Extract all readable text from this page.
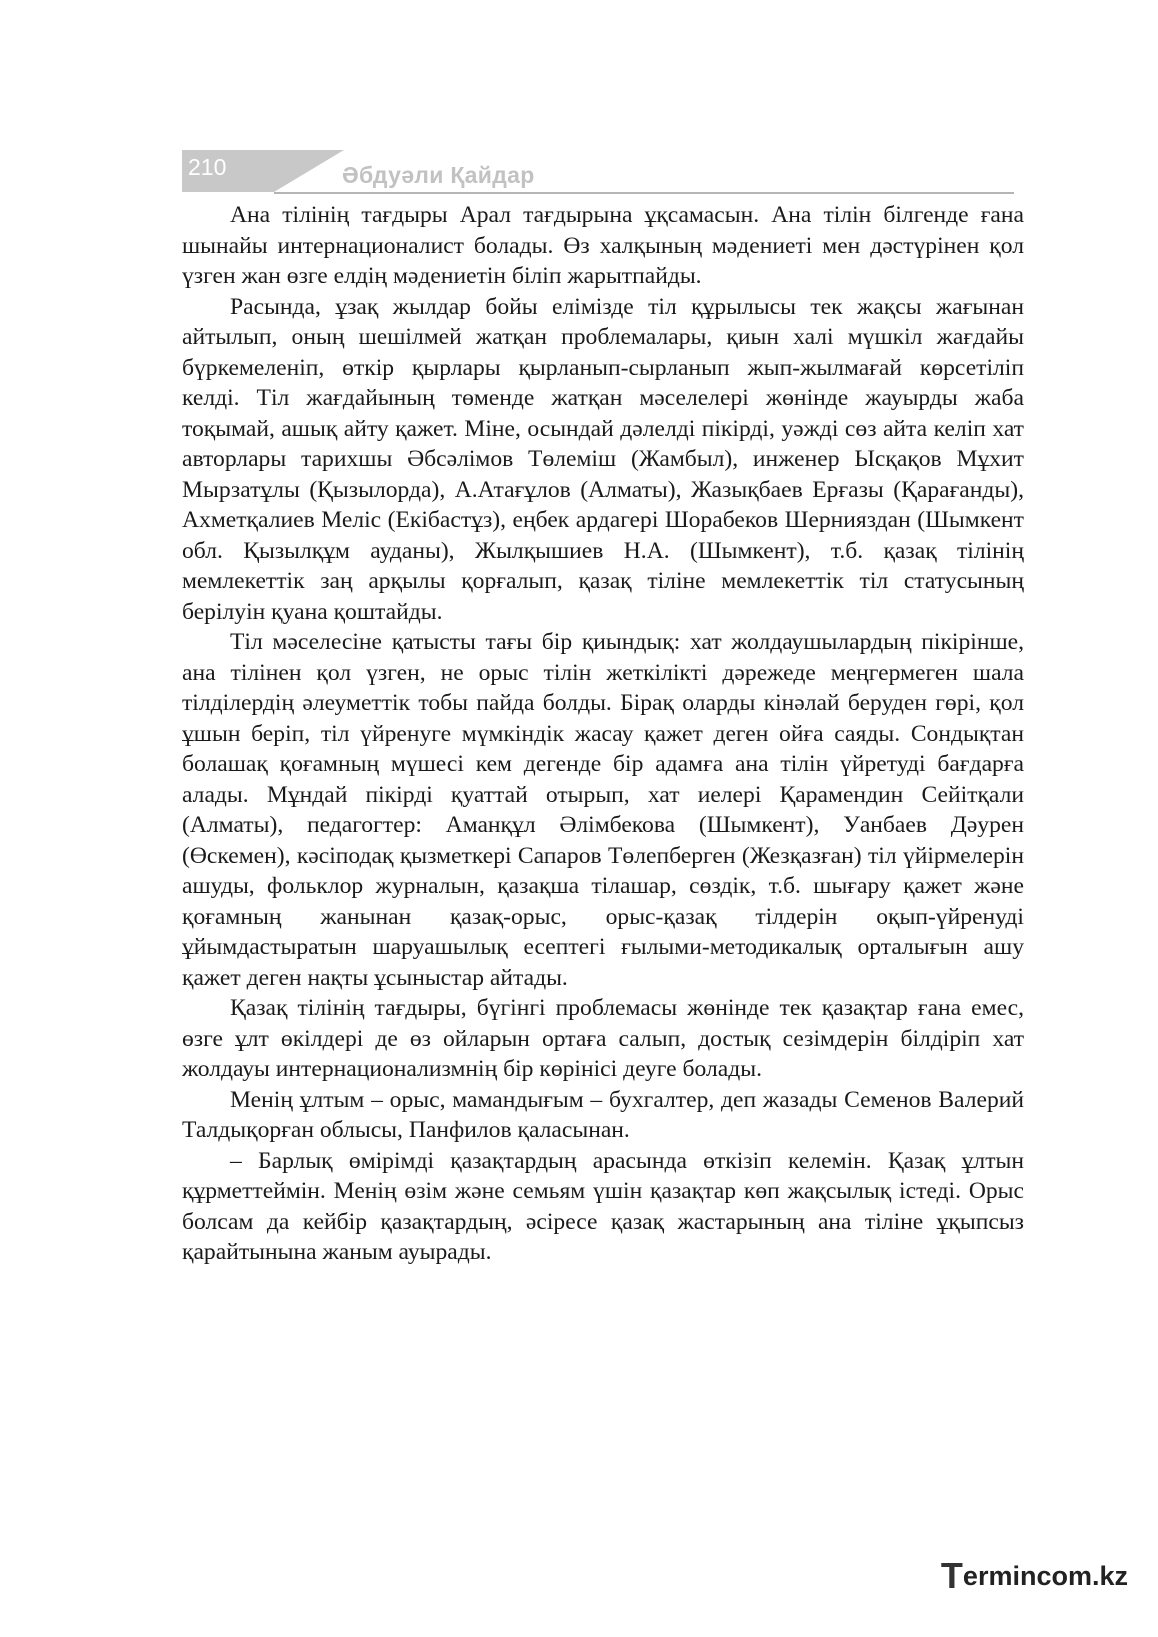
210	Әбдуәли Қайдар

Ана тілінің тағдыры Арал тағдырына ұқсамасын. Ана тілін білгенде ғана шынайы интернационалист болады. Өз халқының мәдениеті мен дәстүрінен қол үзген жан өзге елдің мәдениетін біліп жарытпайды.

Расында, ұзақ жылдар бойы елімізде тіл құрылысы тек жақсы жағынан айтылып, оның шешілмей жатқан проблемалары, қиын халі мүшкіл жағдайы бүркемеленіп, өткір қырлары қырланып-сырланып жып-жылмағай көрсетіліп келді. Тіл жағдайының төменде жатқан мәселелері жөнінде жауырды жаба тоқымай, ашық айту қажет. Міне, осындай дәлелді пікірді, уәжді сөз айта келіп хат авторлары тарихшы Әбсәлімов Төлеміш (Жамбыл), инженер Ысқақов Мұхит Мырзатұлы (Қызылорда), А.Атағұлов (Алматы), Жазықбаев Ерғазы (Қарағанды), Ахметқалиев Меліс (Екібастұз), еңбек ардагері Шорабеков Шернияздан (Шымкент обл. Қызылқұм ауданы), Жылқышиев Н.А. (Шымкент), т.б. қазақ тілінің мемлекеттік заң арқылы қорғалып, қазақ тіліне мемлекеттік тіл статусының берілуін қуана қоштайды.

Тіл мәселесіне қатысты тағы бір қиындық: хат жолдаушылардың пікірінше, ана тілінен қол үзген, не орыс тілін жеткілікті дәрежеде меңгермеген шала тілділердің әлеуметтік тобы пайда болды. Бірақ оларды кінәлай беруден гөрі, қол ұшын беріп, тіл үйренуге мүмкіндік жасау қажет деген ойға саяды. Сондықтан болашақ қоғамның мүшесі кем дегенде бір адамға ана тілін үйретуді бағдарға алады. Мұндай пікірді қуаттай отырып, хат иелері Қарамендин Сейітқали (Алматы), педагогтер: Аманқұл Әлімбекова (Шымкент), Уанбаев Дәурен (Өскемен), кәсіподақ қызметкері Сапаров Төлепберген (Жезқазған) тіл үйірмелерін ашуды, фольклор журналын, қазақша тілашар, сөздік, т.б. шығару қажет және қоғамның жанынан қазақ-орыс, орыс-қазақ тілдерін оқып-үйренуді ұйымдастыратын шаруашылық есептегі ғылыми-методикалық орталығын ашу қажет деген нақты ұсыныстар айтады.

Қазақ тілінің тағдыры, бүгінгі проблемасы жөнінде тек қазақтар ғана емес, өзге ұлт өкілдері де өз ойларын ортаға салып, достық сезімдерін білдіріп хат жолдауы интернационализмнің бір көрінісі деуге болады.

Менің ұлтым – орыс, мамандығым – бухгалтер, деп жазады Семенов Валерий Талдықорған облысы, Панфилов қаласынан.

– Барлық өмірімді қазақтардың арасында өткізіп келемін. Қазақ ұлтын құрметтеймін. Менің өзім және семьям үшін қазақтар көп жақсылық істеді. Орыс болсам да кейбір қазақтардың, әсіресе қазақ жастарының ана тіліне ұқыпсыз қарайтынына жаным ауырады.

Termincom.kz
